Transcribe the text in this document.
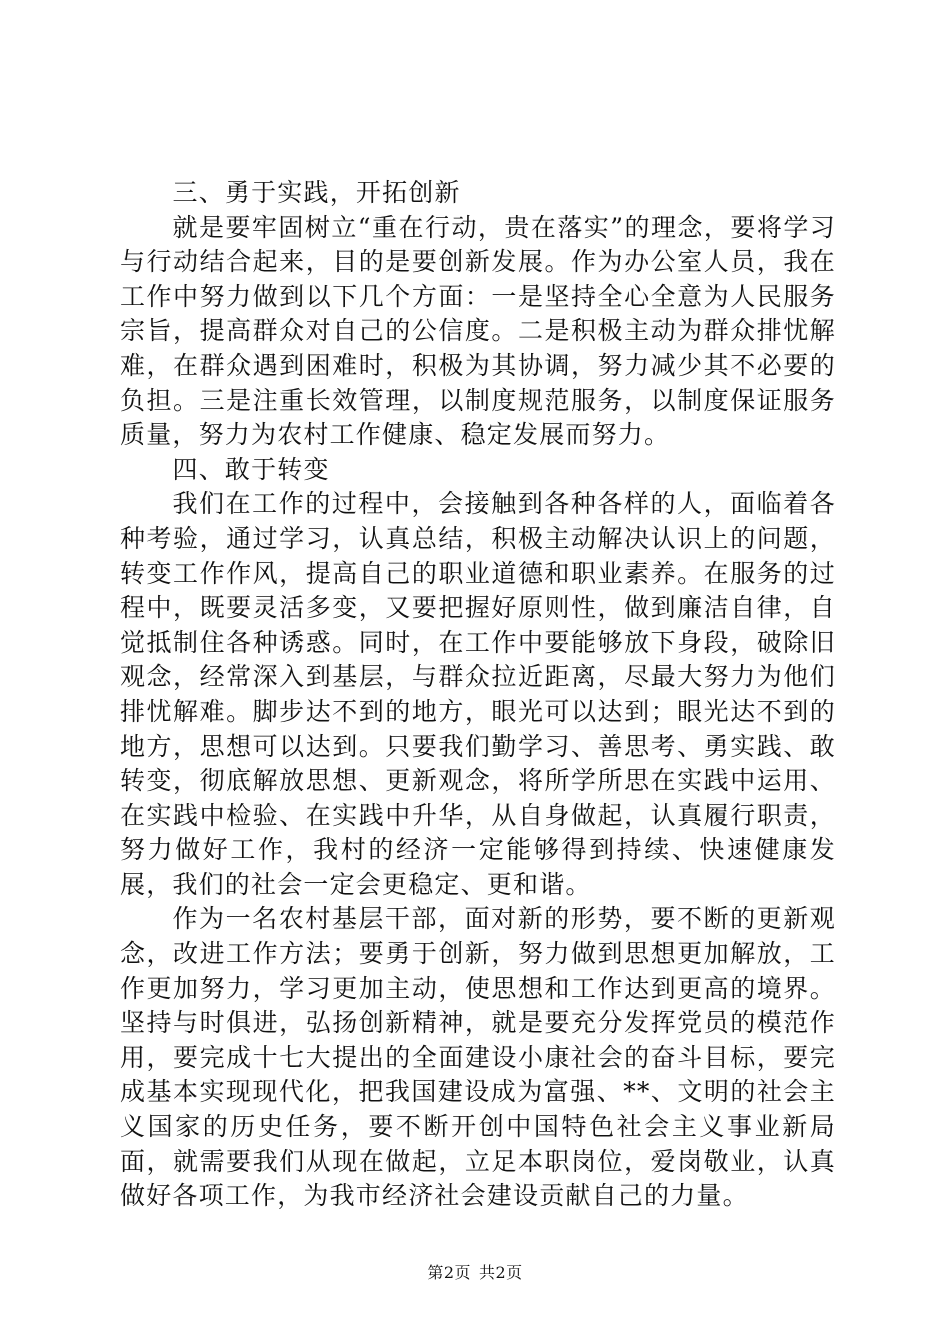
三、勇于实践，开拓创新

就是要牢固树立“重在行动，贵在落实”的理念，要将学习与行动结合起来，目的是要创新发展。作为办公室人员，我在工作中努力做到以下几个方面：一是坚持全心全意为人民服务宗旨，提高群众对自己的公信度。二是积极主动为群众排忧解难，在群众遇到困难时，积极为其协调，努力减少其不必要的负担。三是注重长效管理，以制度规范服务，以制度保证服务质量，努力为农村工作健康、稳定发展而努力。

四、敢于转变

我们在工作的过程中，会接触到各种各样的人，面临着各种考验，通过学习，认真总结，积极主动解决认识上的问题，转变工作作风，提高自己的职业道德和职业素养。在服务的过程中，既要灵活多变，又要把握好原则性，做到廉洁自律，自觉抵制住各种诱惑。同时，在工作中要能够放下身段，破除旧观念，经常深入到基层，与群众拉近距离，尽最大努力为他们排忧解难。脚步达不到的地方，眼光可以达到；眼光达不到的地方，思想可以达到。只要我们勤学习、善思考、勇实践、敢转变，彻底解放思想、更新观念，将所学所思在实践中运用、在实践中检验、在实践中升华，从自身做起，认真履行职责，努力做好工作，我村的经济一定能够得到持续、快速健康发展，我们的社会一定会更稳定、更和谐。

作为一名农村基层干部，面对新的形势，要不断的更新观念，改进工作方法；要勇于创新，努力做到思想更加解放，工作更加努力，学习更加主动，使思想和工作达到更高的境界。坚持与时俱进，弘扬创新精神，就是要充分发挥党员的模范作用，要完成十七大提出的全面建设小康社会的奋斗目标，要完成基本实现现代化，把我国建设成为富强、**、文明的社会主义国家的历史任务，要不断开创中国特色社会主义事业新局面，就需要我们从现在做起，立足本职岗位，爱岗敬业，认真做好各项工作，为我市经济社会建设贡献自己的力量。

第2页 共2页
